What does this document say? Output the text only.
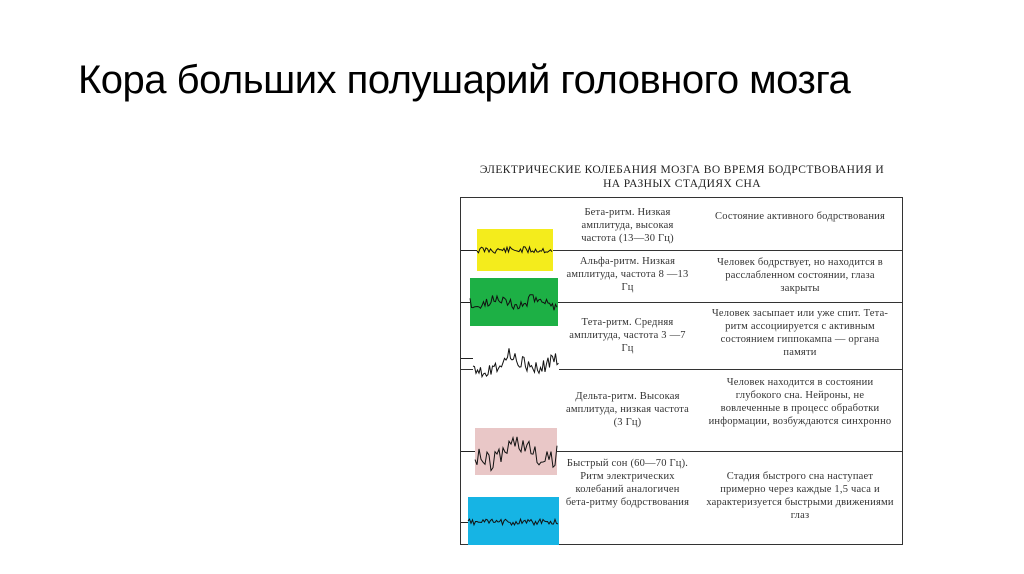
Кора больших полушарий головного мозга
ЭЛЕКТРИЧЕСКИЕ КОЛЕБАНИЯ МОЗГА ВО ВРЕМЯ БОДРСТВОВАНИЯ И
НА РАЗНЫХ СТАДИЯХ СНА
Бета-ритм. Низкая амплитуда, высокая частота (13—30 Гц)
Состояние активного бодрствования
Альфа-ритм. Низкая амплитуда, частота 8 —13 Гц
Человек бодрствует, но находится в расслабленном состоянии, глаза закрыты
Тета-ритм. Средняя амплитуда, частота 3 —7 Гц
Человек засыпает или уже спит. Тета-ритм ассоциируется с активным состоянием гиппокампа — органа памяти
Дельта-ритм. Высокая амплитуда, низкая частота (3 Гц)
Человек находится в состоянии глубокого сна. Нейроны, не вовлеченные в процесс обработки информации, возбуждаются синхронно
Быстрый сон (60—70 Гц). Ритм электрических колебаний аналогичен бета-ритму бодрствования
Стадия быстрого сна наступает примерно через каждые 1,5 часа и характеризуется быстрыми движениями глаз
